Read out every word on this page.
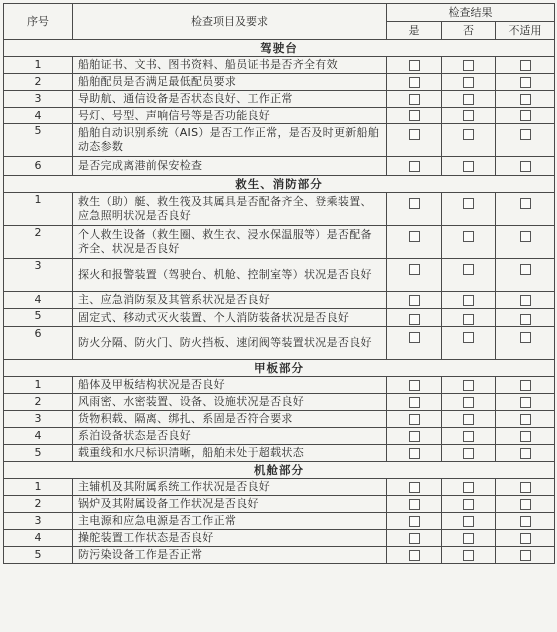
序号	检查项目及要求	检查结果		
		是	否	不适用
驾驶台				
1	船舶证书、文书、图书资料、船员证书是否齐全有效			
2	船舶配员是否满足最低配员要求			
3	导助航、通信设备是否状态良好、工作正常			
4	号灯、号型、声响信号等是否功能良好			
5	船舶自动识别系统（AIS）是否工作正常，是否及时更新船舶动态参数			
6	是否完成离港前保安检查			
救生、消防部分				
1	救生（助）艇、救生筏及其属具是否配备齐全、登乘装置、应急照明状况是否良好			
2	个人救生设备（救生圈、救生衣、浸水保温服等）是否配备齐全、状况是否良好			
3	探火和报警装置（驾驶台、机舱、控制室等）状况是否良好			
4	主、应急消防泵及其管系状况是否良好			
5	固定式、移动式灭火装置、个人消防装备状况是否良好			
6	防火分隔、防火门、防火挡板、速闭阀等装置状况是否良好			
甲板部分				
1	船体及甲板结构状况是否良好			
2	风雨密、水密装置、设备、设施状况是否良好			
3	货物积载、隔离、绑扎、系固是否符合要求			
4	系泊设备状态是否良好			
5	载重线和水尺标识清晰，船舶未处于超载状态			
机舱部分				
1	主辅机及其附属系统工作状况是否良好			
2	锅炉及其附属设备工作状况是否良好			
3	主电源和应急电源是否工作正常			
4	操舵装置工作状态是否良好			
5	防污染设备工作是否正常			
